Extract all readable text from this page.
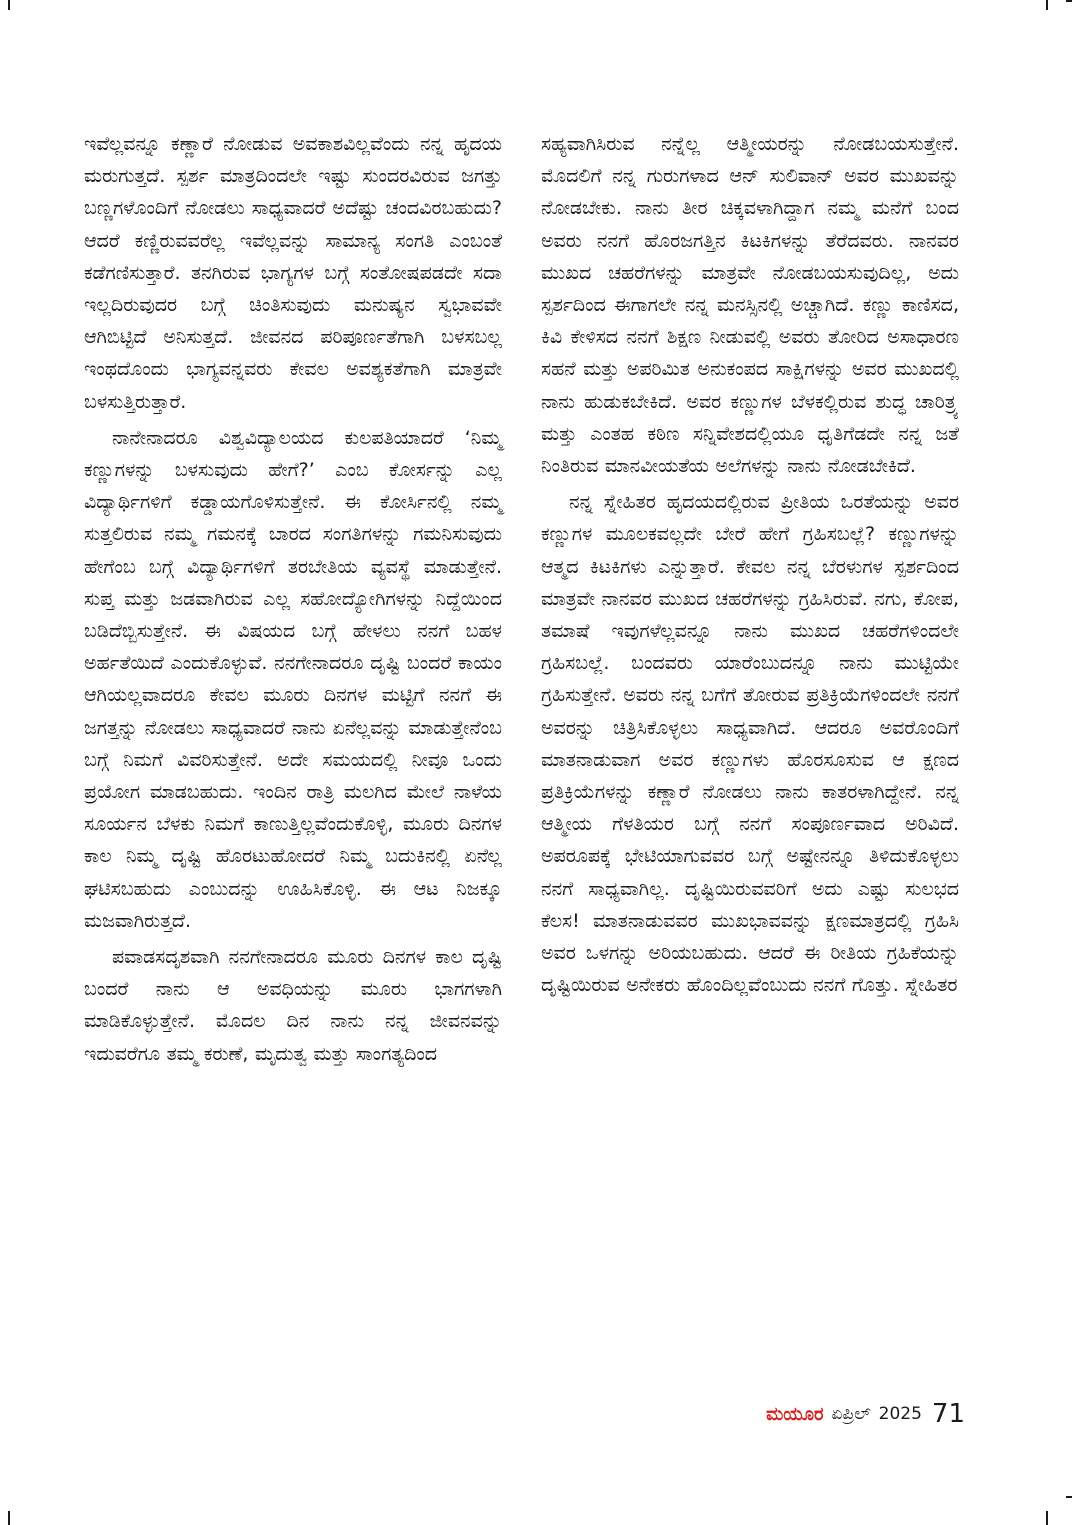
ಇವೆಲ್ಲವನ್ನೂ ಕಣ್ಣಾರೆ ನೋಡುವ ಅವಕಾಶವಿಲ್ಲವೆಂದು ನನ್ನ ಹೃದಯ ಮರುಗುತ್ತದೆ. ಸ್ಪರ್ಶ ಮಾತ್ರದಿಂದಲೇ ಇಷ್ಟು ಸುಂದರವಿರುವ ಜಗತ್ತು ಬಣ್ಣಗಳೊಂದಿಗೆ ನೋಡಲು ಸಾಧ್ಯವಾದರೆ ಅದೆಷ್ಟು ಚಂದವಿರಬಹುದು? ಆದರೆ ಕಣ್ಣಿರುವವರೆಲ್ಲ ಇವೆಲ್ಲವನ್ನು ಸಾಮಾನ್ಯ ಸಂಗತಿ ಎಂಬಂತೆ ಕಡೆಗಣಿಸುತ್ತಾರೆ. ತನಗಿರುವ ಭಾಗ್ಯಗಳ ಬಗ್ಗೆ ಸಂತೋಷಪಡದೇ ಸದಾ ಇಲ್ಲದಿರುವುದರ ಬಗ್ಗೆ ಚಿಂತಿಸುವುದು ಮನುಷ್ಯನ ಸ್ವಭಾವವೇ ಆಗಿಬಿಟ್ಟಿದೆ ಅನಿಸುತ್ತದೆ. ಜೀವನದ ಪರಿಪೂರ್ಣತೆಗಾಗಿ ಬಳಸಬಲ್ಲ ಇಂಥದೊಂದು ಭಾಗ್ಯವನ್ನವರು ಕೇವಲ ಅವಶ್ಯಕತೆಗಾಗಿ ಮಾತ್ರವೇ ಬಳಸುತ್ತಿರುತ್ತಾರೆ.

ನಾನೇನಾದರೂ ವಿಶ್ವವಿದ್ಯಾಲಯದ ಕುಲಪತಿಯಾದರೆ ‘ನಿಮ್ಮ ಕಣ್ಣುಗಳನ್ನು ಬಳಸುವುದು ಹೇಗೆ?’ ಎಂಬ ಕೋರ್ಸನ್ನು ಎಲ್ಲ ವಿದ್ಯಾರ್ಥಿಗಳಿಗೆ ಕಡ್ಡಾಯಗೊಳಿಸುತ್ತೇನೆ. ಈ ಕೋರ್ಸಿನಲ್ಲಿ ನಮ್ಮ ಸುತ್ತಲಿರುವ ನಮ್ಮ ಗಮನಕ್ಕೆ ಬಾರದ ಸಂಗತಿಗಳನ್ನು ಗಮನಿಸುವುದು ಹೇಗೆಂಬ ಬಗ್ಗೆ ವಿದ್ಯಾರ್ಥಿಗಳಿಗೆ ತರಬೇತಿಯ ವ್ಯವಸ್ಥೆ ಮಾಡುತ್ತೇನೆ. ಸುಪ್ತ ಮತ್ತು ಜಡವಾಗಿರುವ ಎಲ್ಲ ಸಹೋದ್ಯೋಗಿಗಳನ್ನು ನಿದ್ದೆಯಿಂದ ಬಡಿದೆಬ್ಬಿಸುತ್ತೇನೆ. ಈ ವಿಷಯದ ಬಗ್ಗೆ ಹೇಳಲು ನನಗೆ ಬಹಳ ಅರ್ಹತೆಯಿದೆ ಎಂದುಕೊಳ್ಳುವೆ. ನನಗೇನಾದರೂ ದೃಷ್ಟಿ ಬಂದರೆ ಕಾಯಂ ಆಗಿಯಲ್ಲವಾದರೂ ಕೇವಲ ಮೂರು ದಿನಗಳ ಮಟ್ಟಿಗೆ ನನಗೆ ಈ ಜಗತ್ತನ್ನು ನೋಡಲು ಸಾಧ್ಯವಾದರೆ ನಾನು ಏನೆಲ್ಲವನ್ನು ಮಾಡುತ್ತೇನೆಂಬ ಬಗ್ಗೆ ನಿಮಗೆ ವಿವರಿಸುತ್ತೇನೆ. ಅದೇ ಸಮಯದಲ್ಲಿ ನೀವೂ ಒಂದು ಪ್ರಯೋಗ ಮಾಡಬಹುದು. ಇಂದಿನ ರಾತ್ರಿ ಮಲಗಿದ ಮೇಲೆ ನಾಳೆಯ ಸೂರ್ಯನ ಬೆಳಕು ನಿಮಗೆ ಕಾಣುತ್ತಿಲ್ಲವೆಂದುಕೊಳ್ಳಿ, ಮೂರು ದಿನಗಳ ಕಾಲ ನಿಮ್ಮ ದೃಷ್ಟಿ ಹೊರಟುಹೋದರೆ ನಿಮ್ಮ ಬದುಕಿನಲ್ಲಿ ಏನೆಲ್ಲ ಘಟಿಸಬಹುದು ಎಂಬುದನ್ನು ಊಹಿಸಿಕೊಳ್ಳಿ. ಈ ಆಟ ನಿಜಕ್ಕೂ ಮಜವಾಗಿರುತ್ತದೆ.

ಪವಾಡಸದೃಶವಾಗಿ ನನಗೇನಾದರೂ ಮೂರು ದಿನಗಳ ಕಾಲ ದೃಷ್ಟಿ ಬಂದರೆ ನಾನು ಆ ಅವಧಿಯನ್ನು ಮೂರು ಭಾಗಗಳಾಗಿ ಮಾಡಿಕೊಳ್ಳುತ್ತೇನೆ. ಮೊದಲ ದಿನ ನಾನು ನನ್ನ ಜೀವನವನ್ನು ಇದುವರೆಗೂ ತಮ್ಮ ಕರುಣೆ, ಮೃದುತ್ವ ಮತ್ತು ಸಾಂಗತ್ಯದಿಂದ

ಸಹ್ಯವಾಗಿಸಿರುವ ನನ್ನೆಲ್ಲ ಆತ್ಮೀಯರನ್ನು ನೋಡಬಯಸುತ್ತೇನೆ. ಮೊದಲಿಗೆ ನನ್ನ ಗುರುಗಳಾದ ಆನ್ ಸುಲಿವಾನ್ ಅವರ ಮುಖವನ್ನು ನೋಡಬೇಕು. ನಾನು ತೀರ ಚಿಕ್ಕವಳಾಗಿದ್ದಾಗ ನಮ್ಮ ಮನೆಗೆ ಬಂದ ಅವರು ನನಗೆ ಹೊರಜಗತ್ತಿನ ಕಿಟಕಿಗಳನ್ನು ತೆರೆದವರು. ನಾನವರ ಮುಖದ ಚಹರೆಗಳನ್ನು ಮಾತ್ರವೇ ನೋಡಬಯಸುವುದಿಲ್ಲ, ಅದು ಸ್ಪರ್ಶದಿಂದ ಈಗಾಗಲೇ ನನ್ನ ಮನಸ್ಸಿನಲ್ಲಿ ಅಚ್ಚಾಗಿದೆ. ಕಣ್ಣು ಕಾಣಿಸದ, ಕಿವಿ ಕೇಳಿಸದ ನನಗೆ ಶಿಕ್ಷಣ ನೀಡುವಲ್ಲಿ ಅವರು ತೋರಿದ ಅಸಾಧಾರಣ ಸಹನೆ ಮತ್ತು ಅಪರಿಮಿತ ಅನುಕಂಪದ ಸಾಕ್ಷಿಗಳನ್ನು ಅವರ ಮುಖದಲ್ಲಿ ನಾನು ಹುಡುಕಬೇಕಿದೆ. ಅವರ ಕಣ್ಣುಗಳ ಬೆಳಕಲ್ಲಿರುವ ಶುದ್ಧ ಚಾರಿತ್ರ್ಯ ಮತ್ತು ಎಂತಹ ಕಠಿಣ ಸನ್ನಿವೇಶದಲ್ಲಿಯೂ ಧೃತಿಗೆಡದೇ ನನ್ನ ಜತೆ ನಿಂತಿರುವ ಮಾನವೀಯತೆಯ ಅಲೆಗಳನ್ನು ನಾನು ನೋಡಬೇಕಿದೆ.

ನನ್ನ ಸ್ನೇಹಿತರ ಹೃದಯದಲ್ಲಿರುವ ಪ್ರೀತಿಯ ಒರತೆಯನ್ನು ಅವರ ಕಣ್ಣುಗಳ ಮೂಲಕವಲ್ಲದೇ ಬೇರೆ ಹೇಗೆ ಗ್ರಹಿಸಬಲ್ಲೆ? ಕಣ್ಣುಗಳನ್ನು ಆತ್ಮದ ಕಿಟಕಿಗಳು ಎನ್ನುತ್ತಾರೆ. ಕೇವಲ ನನ್ನ ಬೆರಳುಗಳ ಸ್ಪರ್ಶದಿಂದ ಮಾತ್ರವೇ ನಾನವರ ಮುಖದ ಚಹರೆಗಳನ್ನು ಗ್ರಹಿಸಿರುವೆ. ನಗು, ಕೋಪ, ತಮಾಷೆ ಇವುಗಳೆಲ್ಲವನ್ನೂ ನಾನು ಮುಖದ ಚಹರೆಗಳಿಂದಲೇ ಗ್ರಹಿಸಬಲ್ಲೆ. ಬಂದವರು ಯಾರೆಂಬುದನ್ನೂ ನಾನು ಮುಟ್ಟಿಯೇ ಗ್ರಹಿಸುತ್ತೇನೆ. ಅವರು ನನ್ನ ಬಗೆಗೆ ತೋರುವ ಪ್ರತಿಕ್ರಿಯೆಗಳಿಂದಲೇ ನನಗೆ ಅವರನ್ನು ಚಿತ್ರಿಸಿಕೊಳ್ಳಲು ಸಾಧ್ಯವಾಗಿದೆ. ಆದರೂ ಅವರೊಂದಿಗೆ ಮಾತನಾಡುವಾಗ ಅವರ ಕಣ್ಣುಗಳು ಹೊರಸೂಸುವ ಆ ಕ್ಷಣದ ಪ್ರತಿಕ್ರಿಯೆಗಳನ್ನು ಕಣ್ಣಾರೆ ನೋಡಲು ನಾನು ಕಾತರಳಾಗಿದ್ದೇನೆ. ನನ್ನ ಆತ್ಮೀಯ ಗೆಳತಿಯರ ಬಗ್ಗೆ ನನಗೆ ಸಂಪೂರ್ಣವಾದ ಅರಿವಿದೆ. ಅಪರೂಪಕ್ಕೆ ಭೇಟಿಯಾಗುವವರ ಬಗ್ಗೆ ಅಷ್ಟೇನನ್ನೂ ತಿಳಿದುಕೊಳ್ಳಲು ನನಗೆ ಸಾಧ್ಯವಾಗಿಲ್ಲ. ದೃಷ್ಟಿಯಿರುವವರಿಗೆ ಅದು ಎಷ್ಟು ಸುಲಭದ ಕೆಲಸ! ಮಾತನಾಡುವವರ ಮುಖಭಾವವನ್ನು ಕ್ಷಣಮಾತ್ರದಲ್ಲಿ ಗ್ರಹಿಸಿ ಅವರ ಒಳಗನ್ನು ಅರಿಯಬಹುದು. ಆದರೆ ಈ ರೀತಿಯ ಗ್ರಹಿಕೆಯನ್ನು ದೃಷ್ಟಿಯಿರುವ ಅನೇಕರು ಹೊಂದಿಲ್ಲವೆಂಬುದು ನನಗೆ ಗೊತ್ತು. ಸ್ನೇಹಿತರ

ಮಯೂರ ಏಪ್ರಿಲ್ 2025 71
